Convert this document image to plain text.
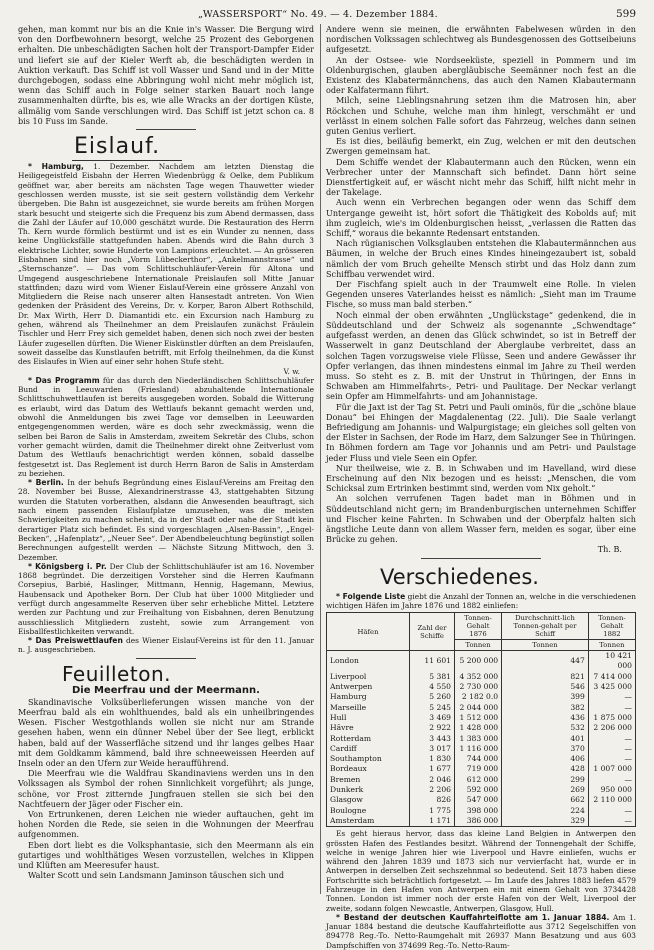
„WASSERSPORT“ No. 49. — 4. Dezember 1884.	599

gehen, man kommt nur bis an die Knie in's Wasser. Die Bergung wird von den Dorfbewohnern besorgt, welche 25 Prozent des Geborgenen erhalten. Die unbeschädigten Sachen holt der Transport-Dampfer Eider und liefert sie auf der Kieler Werft ab, die beschädigten werden in Auktion verkauft. Das Schiff ist voll Wasser und Sand und in der Mitte durchgebogen, sodass eine Abbringung wohl nicht mehr möglich ist, wenn das Schiff auch in Folge seiner starken Bauart noch lange zusammenhalten dürfte, bis es, wie alle Wracks an der dortigen Küste, allmälig vom Sande verschlungen wird. Das Schiff ist jetzt schon ca. 8 bis 10 Fuss im Sande.

Eislauf.

* Hamburg, 1. Dezember. Nachdem am letzten Dienstag die Heiligegeistfeld Eisbahn der Herren Wiedenbrügg & Oelke, dem Publikum geöffnet war, aber bereits am nächsten Tage wegen Thauwetter wieder geschlossen werden musste, ist sie seit gestern vollständig dem Verkehr übergeben. Die Bahn ist ausgezeichnet, sie wurde bereits am frühen Morgen stark besucht und steigerte sich die Frequenz bis zum Abend dermassen, dass die Zahl der Läufer auf 10,000 geschätzt wurde. Die Restauration des Herrn Th. Kern wurde förmlich bestürmt und ist es ein Wunder zu nennen, dass keine Unglücksfälle stattgefunden haben. Abends wird die Bahn durch 3 elektrische Lichter, sowie Hunderte von Lampions erleuchtet. — An grösseren Eisbahnen sind hier noch „Vorm Lübeckerthor“, „Ankelmannstrasse“ und „Sternschanze“. — Das vom Schlittschuhläufer-Verein für Altona und Umgegend ausgeschriebene Internationale Preislaufen soll Mitte Januar stattfinden; dazu wird vom Wiener Eislauf-Verein eine grössere Anzahl von Mitgliedern die Reise nach unserer alten Hansestadt antreten. Von Wien gedenken der Präsident des Vereins, Dr. v. Korper, Baron Albert Rothschild, Dr. Max Wirth, Herr D. Diamantidi etc. ein Excursion nach Hamburg zu gehen, während als Theilnehmer an dem Preislaufen zunächst Fräulein Tischler und Herr Frey sich gemeldet haben, denen sich noch zwei der besten Läufer zugesellen dürften. Die Wiener Eiskünstler dürften an dem Preislaufen, soweit dasselbe das Kunstlaufen betrifft, mit Erfolg theilnehmen, da die Kunst des Eislaufes in Wien auf einer sehr hohen Stufe steht.

V. w.

* Das Programm für das durch den Niederländischen Schlittschuhläufer Bund in Leeuwarden (Friesland) abzuhaltende Internationale Schlittschuhwettlaufen ist bereits ausgegeben worden. Sobald die Witterung es erlaubt, wird das Datum des Wettlaufs bekannt gemacht werden und, obwohl die Anmeldungen bis zwei Tage vor demselben in Leeuwarden entgegengenommen werden, wäre es doch sehr zweckmässig, wenn die selben bei Baron de Salis in Amsterdam, zweitem Sekretär des Clubs, schon vorher gemacht würden, damit die Theilnehmer direkt ohne Zeitverlust vom Datum des Wettlaufs benachrichtigt werden können, sobald dasselbe festgesetzt ist. Das Reglement ist durch Herrn Baron de Salis in Amsterdam zu beziehen.

* Berlin. In der behufs Begründung eines Eislauf-Vereins am Freitag den 28. November bei Busse, Alexandrinerstrasse 43, stattgehabten Sitzung wurden die Statuten vorberathen, alsdann die Anwesenden beauftragt, sich nach einem passenden Eislaufplatze umzusehen, was die meisten Schwierigkeiten zu machen scheint, da in der Stadt oder nahe der Stadt kein derartiger Platz sich befindet. Es sind vorgeschlagen „Alsen-Bassin“, „Engel-Becken“, „Hafenplatz“, „Neuer See“. Der Abendbeleuchtung begünstigt sollen Berechnungen aufgestellt werden — Nächste Sitzung Mittwoch, den 3. Dezember.

* Königsberg i. Pr. Der Club der Schlittschuhläufer ist am 16. November 1868 begründet. Die derzeitigen Vorsteher sind die Herren Kaufmann Corsepius, Barbié, Haslinger, Mittmann, Hennig, Hagemann, Mewius, Haubensack und Apotheker Born. Der Club hat über 1000 Mitglieder und verfügt durch angesammelte Reserven über sehr erhebliche Mittel. Letztere werden zur Pachtung und zur Freihaltung von Eisbahnen, deren Benutzung ausschliesslich Mitgliedern zusteht, sowie zum Arrangement von Eisballfestlichkeiten verwandt.

* Das Preiswettlaufen des Wiener Eislauf-Vereins ist für den 11. Januar n. J. ausgeschrieben.

Feuilleton.
Die Meerfrau und der Meermann.

Skandinavische Volksüberlieferungen wissen manche von der Meerfrau bald als ein wohlthuendes, bald als ein unheilbringendes Wesen. Fischer Westgothlands wollen sie nicht nur am Strande gesehen haben, wenn ein dünner Nebel über der See liegt, erblickt haben, bald auf der Wasserfläche sitzend und ihr langes gelbes Haar mit dem Goldkamm kämmend, bald ihre schneeweissen Heerden auf Inseln oder an den Ufern zur Weide heraufführend.

Die Meerfrau wie die Waldfrau Skandinaviens werden uns in den Volkssagen als Symbol der rohen Sinnlichkeit vorgeführt; als junge, schöne, vor Frost zitternde Jungfrauen stellen sie sich bei den Nachtfeuern der Jäger oder Fischer ein.

Von Ertrunkenen, deren Leichen nie wieder auftauchen, geht im hohen Norden die Rede, sie seien in die Wohnungen der Meerfrau aufgenommen.

Eben dort liebt es die Volksphantasie, sich den Meermann als ein gutartiges und wohlthätiges Wesen vorzustellen, welches in Klippen und Klüften am Meeresufer haust.

Walter Scott und sein Landsmann Jaminson täuschen sich und

Andere wenn sie meinen, die erwähnten Fabelwesen würden in den nordischen Volkssagen schlechtweg als Bundesgenossen des Gottseibeiuns aufgesetzt.

An der Ostsee- wie Nordseeküste, speziell in Pommern und im Oldenburgischen, glauben abergläubische Seemänner noch fest an die Existenz des Klabatermännchens, das auch den Namen Klabautermann oder Kalfatermann führt.

Milch, seine Lieblingsnahrung setzen ihm die Matrosen hin, aber Röckchen und Schuhe, welche man ihm hinlegt, verschmäht er und verlässt in einem solchen Falle sofort das Fahrzeug, welches dann seinen guten Genius verliert.

Es ist dies, beiläufig bemerkt, ein Zug, welchen er mit den deutschen Zwergen gemeinsam hat.

Dem Schiffe wendet der Klabautermann auch den Rücken, wenn ein Verbrecher unter der Mannschaft sich befindet. Dann hört seine Dienstfertigkeit auf, er wäscht nicht mehr das Schiff, hilft nicht mehr in der Takelage.

Auch wenn ein Verbrechen begangen oder wenn das Schiff dem Untergange geweiht ist, hört sofort die Thätigkeit des Kobolds auf; mit ihm zugleich, wie's im Oldenburgischen heisst, „verlassen die Ratten das Schiff,“ woraus die bekannte Redensart entstanden.

Nach rügianischen Volksglauben entstehen die Klabautermännchen aus Bäumen, in welche der Bruch eines Kindes hineingezaubert ist, sobald nämlich der vom Bruch geheilte Mensch stirbt und das Holz dann zum Schiffbau verwendet wird.

Der Fischfang spielt auch in der Traumwelt eine Rolle. In vielen Gegenden unseres Vaterlandes heisst es nämlich: „Sieht man im Traume Fische, so muss man bald sterben.“

Noch einmal der oben erwähnten „Unglückstage“ gedenkend, die in Süddeutschland und der Schweiz als sogenannte „Schwendtage“ aufgefasst werden, an denen das Glück schwindet, so ist in Betreff der Wasserwelt in ganz Deutschland der Aberglaube verbreitet, dass an solchen Tagen vorzugsweise viele Flüsse, Seen und andere Gewässer ihr Opfer verlangen, das ihnen mindestens einmal im Jahre zu Theil werden muss. So steht es z. B. mit der Unstrut in Thüringen, der Enns in Schwaben am Himmelfahrts-, Petri- und Paulitage. Der Neckar verlangt sein Opfer am Himmelfahrts- und am Johannistage.

Für die Jaxt ist der Tag St. Petri und Pauli ominös, für die „schöne blaue Donau“ bei Ehingen der Magdalenentag (22. Juli). Die Saale verlangt Befriedigung am Johannis- und Walpurgistage; ein gleiches soll gelten von der Elster in Sachsen, der Rode im Harz, dem Salzunger See in Thüringen. In Böhmen fordern am Tage vor Johannis und am Petri- und Paulstage jeder Fluss und viele Seen ein Opfer.

Nur theilweise, wie z. B. in Schwaben und im Havelland, wird diese Erscheinung auf den Nix bezogen und es heisst: „Menschen, die vom Schicksal zum Ertrinken bestimmt sind, werden vom Nix geholt.“

An solchen verrufenen Tagen badet man in Böhmen und in Süddeutschland nicht gern; im Brandenburgischen unternehmen Schiffer und Fischer keine Fahrten. In Schwaben und der Oberpfalz halten sich ängstliche Leute dann von allem Wasser fern, meiden es sogar, über eine Brücke zu gehen.

Th. B.

Verschiedenes.

* Folgende Liste giebt die Anzahl der Tonnen an, welche in die verschiedenen wichtigen Häfen im Jahre 1876 und 1882 einliefen:

Häfen	Zahl der Schiffe	Tonnen-Gehalt 1876	Durchschnitt-lich Tonnen-gehalt per Schiff	Tonnen-Gehalt 1882
		Tonnen	Tonnen	Tonnen
London	11 601	5 200 000	447	10 421 000
Liverpool	5 381	4 352 000	821	7 414 000
Antwerpen	4 550	2 730 000	546	3 425 000
Hamburg	5 260	2 182 0.0	399	—
Marseille	5 245	2 044 000	382	—
Hull	3 469	1 512 000	436	1 875 000
Hâvre	2 922	1 428 000	532	2 206 000
Rotterdam	3 443	1 383 000	401	—
Cardiff	3 017	1 116 000	370	—
Southampton	1 830	744 000	406	—
Bordeaux	1 677	719 000	428	1 007 000
Bremen	2 046	612 000	299	—
Dunkerk	2 206	592 000	269	950 000
Glasgow	826	547 000	662	2 110 000
Boulogne	1 775	398 000	224	—
Amsterdam	1 171	386 000	329	—

Es geht hieraus hervor, dass das kleine Land Belgien in Antwerpen den grössten Hafen des Festlandes besitzt. Während der Tonnengehalt der Schiffe, welche in wenige Jahren hier wie Liverpool und Havre einliefen, wuchs er während den Jahren 1839 und 1873 sich nur vervierfacht hat, wurde er in Antwerpen in derselben Zeit sechszehnmal so bedeutend. Seit 1873 haben diese Fortschritte sich beträchtlich fortgesetzt. — Im Laufe des Jahres 1883 liefen 4579 Fahrzeuge in den Hafen von Antwerpen ein mit einem Gehalt von 3734428 Tonnen. London ist immer noch der erste Hafen von der Welt, Liverpool der zweite, sodann folgen Newcastle, Antwerpen, Glasgow, Hull.

* Bestand der deutschen Kauffahrteiflotte am 1. Januar 1884. Am 1. Januar 1884 bestand die deutsche Kauffahrteiflotte aus 3712 Segelschiffen von 894778 Reg.-To. Netto-Raumgehalt mit 26937 Mann Besatzung und aus 603 Dampfschiffen von 374699 Reg.-To. Netto-Raum-
